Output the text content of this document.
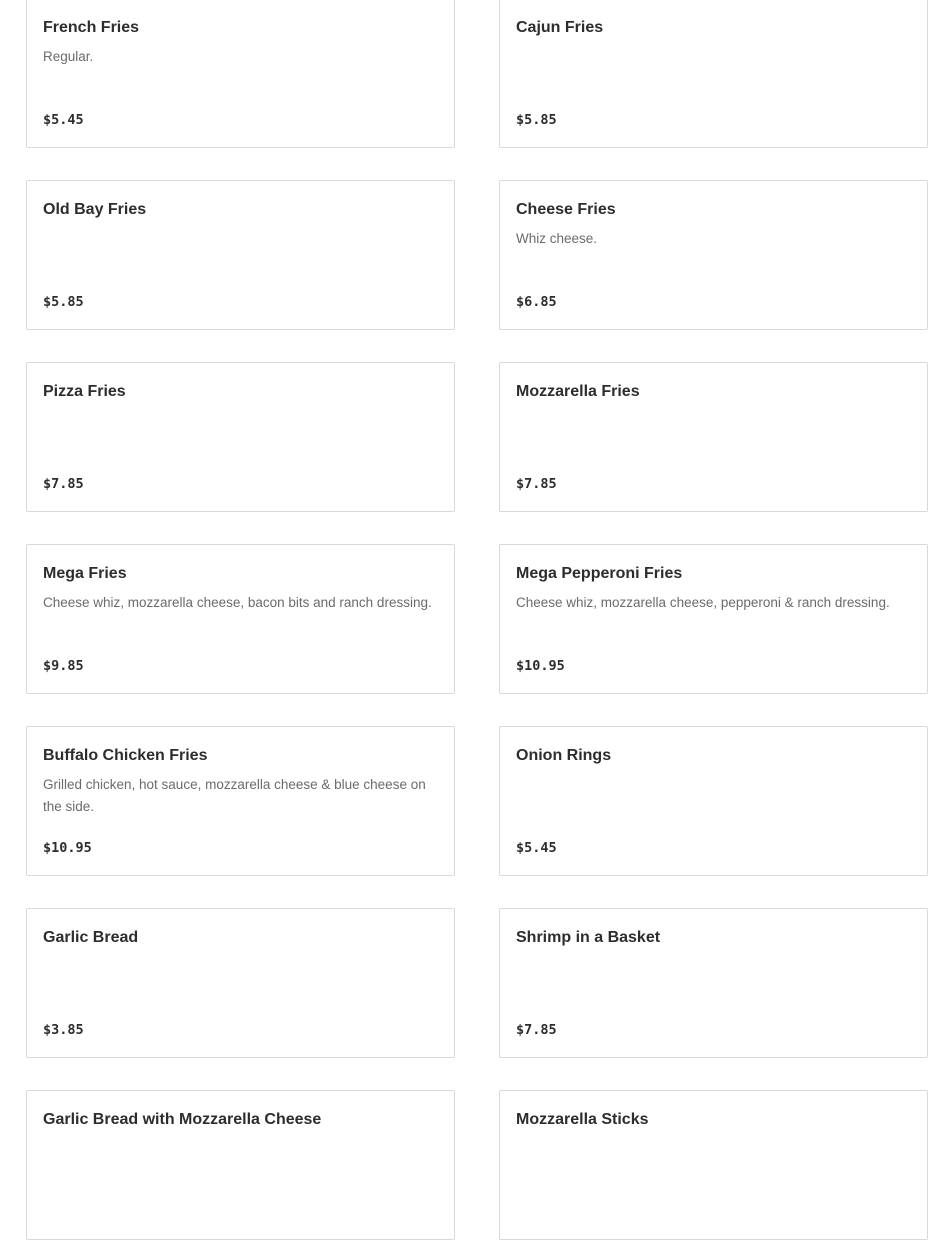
French Fries
Regular.
$5.45
Cajun Fries
$5.85
Old Bay Fries
$5.85
Cheese Fries
Whiz cheese.
$6.85
Pizza Fries
$7.85
Mozzarella Fries
$7.85
Mega Fries
Cheese whiz, mozzarella cheese, bacon bits and ranch dressing.
$9.85
Mega Pepperoni Fries
Cheese whiz, mozzarella cheese, pepperoni & ranch dressing.
$10.95
Buffalo Chicken Fries
Grilled chicken, hot sauce, mozzarella cheese & blue cheese on the side.
$10.95
Onion Rings
$5.45
Garlic Bread
$3.85
Shrimp in a Basket
$7.85
Garlic Bread with Mozzarella Cheese	Mozzarella Sticks
